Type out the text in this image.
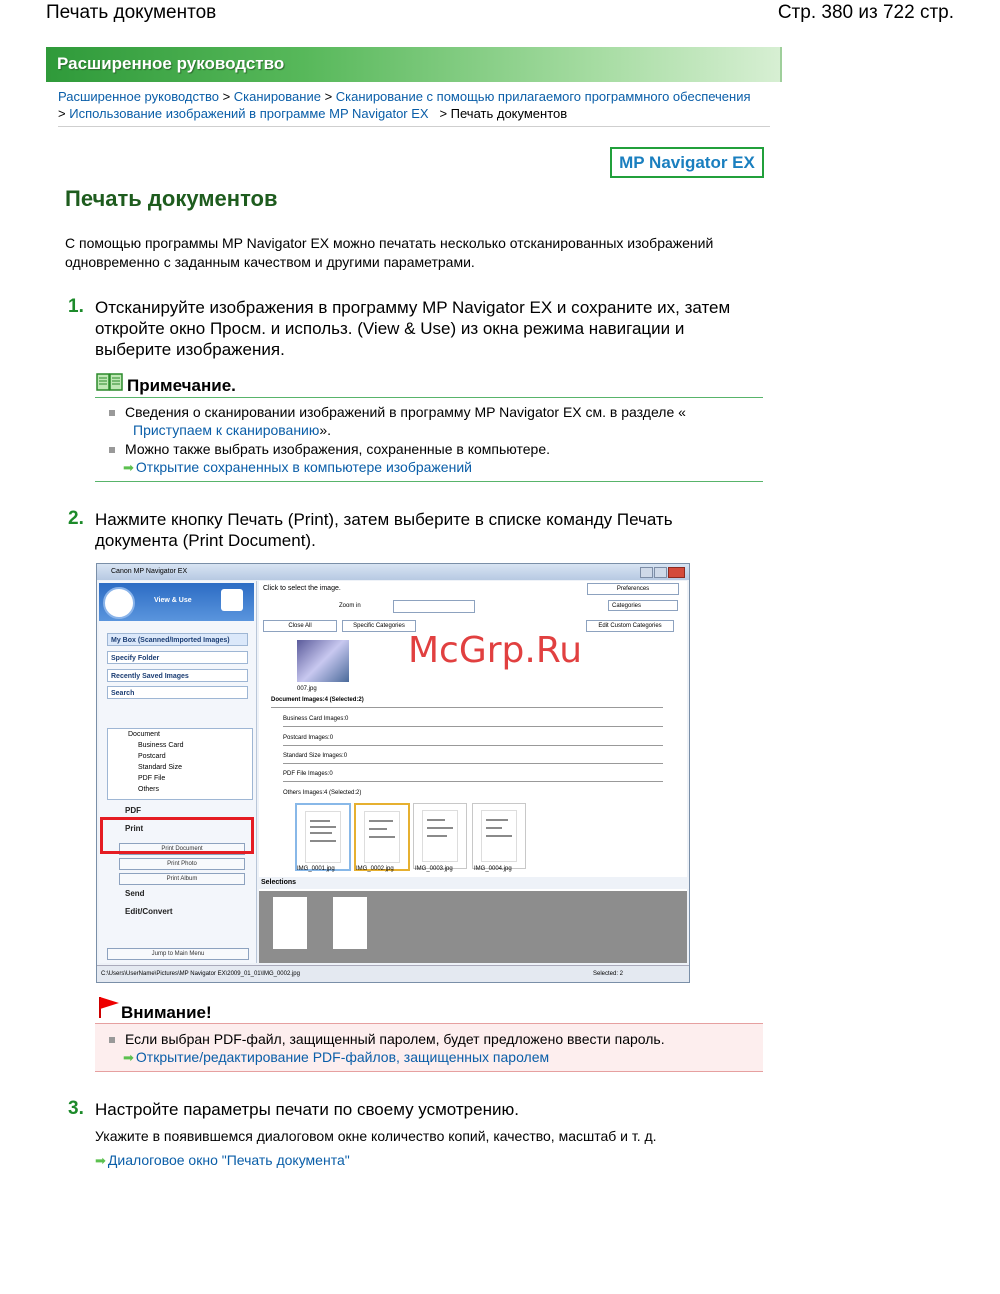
Печать документов	Стр. 380 из 722 стр.
Расширенное руководство
Расширенное руководство > Сканирование > Сканирование с помощью прилагаемого программного обеспечения > Использование изображений в программе MP Navigator EX > Печать документов
MP Navigator EX
Печать документов
С помощью программы MP Navigator EX можно печатать несколько отсканированных изображений одновременно с заданным качеством и другими параметрами.
1. Отсканируйте изображения в программу MP Navigator EX и сохраните их, затем откройте окно Просм. и использ. (View & Use) из окна режима навигации и выберите изображения.
Примечание.
Сведения о сканировании изображений в программу MP Navigator EX см. в разделе «
Приступаем к сканированию».
Можно также выбрать изображения, сохраненные в компьютере.
➡ Открытие сохраненных в компьютере изображений
2. Нажмите кнопку Печать (Print), затем выберите в списке команду Печать документа (Print Document).
Canon MP Navigator EX
View & Use
My Box (Scanned/Imported Images)
Specify Folder
Recently Saved Images
Search
Document
Business Card
Postcard
Standard Size
PDF File
Others
PDF
Print
Print Document
Print Photo
Print Album
Send
Edit/Convert
Jump to Main Menu
Click to select the image.	Preferences
Zoom in	Categories
Close All	Specific Categories	Edit Custom Categories
007.jpg
Document Images:4 (Selected:2)
Business Card Images:0
Postcard Images:0
Standard Size Images:0
PDF File Images:0
Others Images:4 (Selected:2)
IMG_0001.jpg	IMG_0002.jpg	IMG_0003.jpg	IMG_0004.jpg
Selections
C:\Users\UserName\Pictures\MP Navigator EX\2009_01_01\IMG_0002.jpg	Selected: 2
McGrp.Ru
Внимание!
Если выбран PDF-файл, защищенный паролем, будет предложено ввести пароль.
➡ Открытие/редактирование PDF-файлов, защищенных паролем
3. Настройте параметры печати по своему усмотрению.
Укажите в появившемся диалоговом окне количество копий, качество, масштаб и т. д.
➡ Диалоговое окно "Печать документа"
